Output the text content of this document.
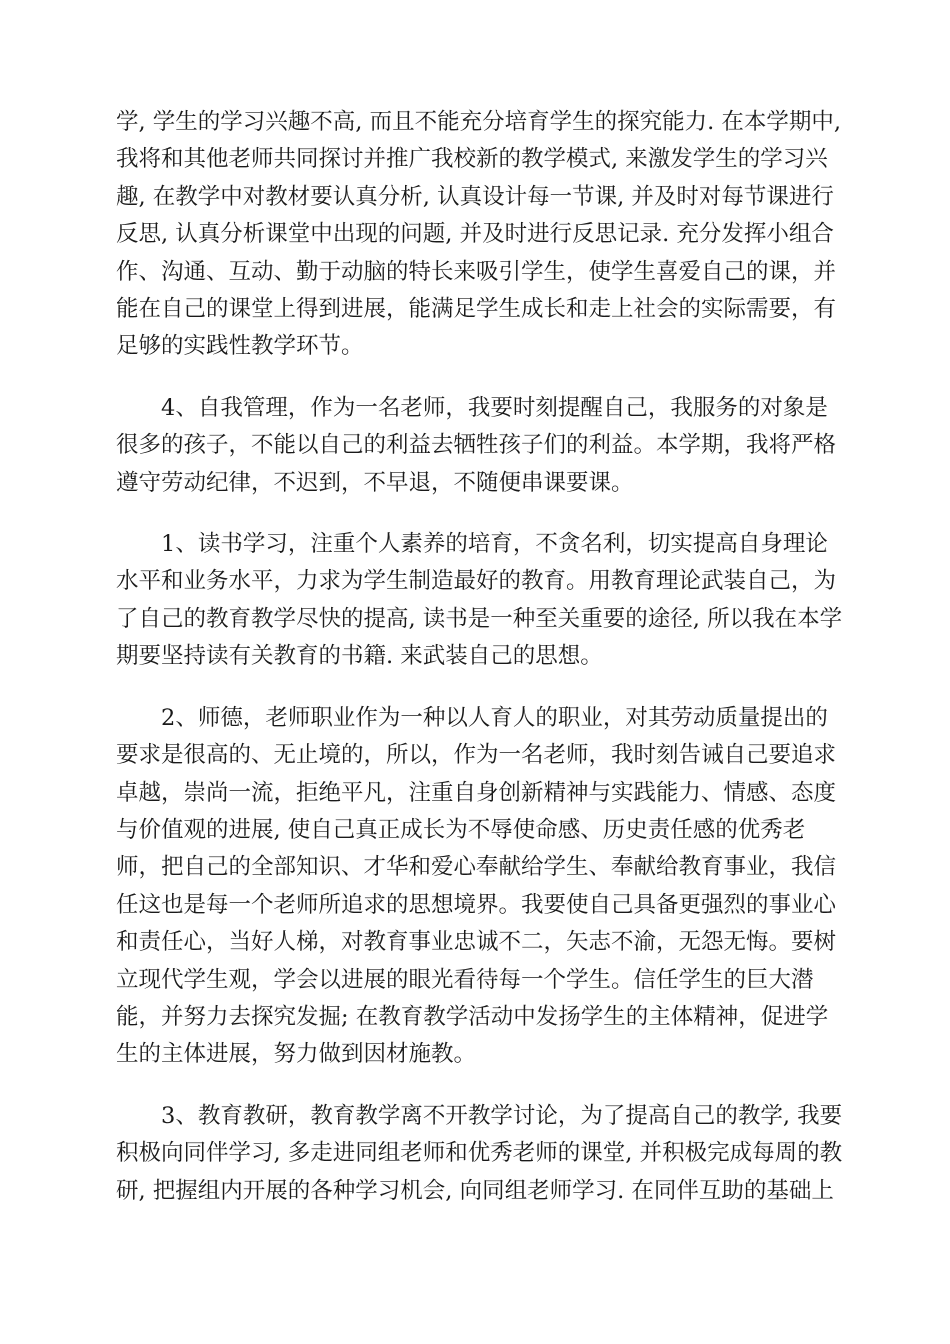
学, 学生的学习兴趣不高, 而且不能充分培育学生的探究能力. 在本学期中,
我将和其他老师共同探讨并推广我校新的教学模式, 来激发学生的学习兴
趣, 在教学中对教材要认真分析, 认真设计每一节课, 并及时对每节课进行
反思, 认真分析课堂中出现的问题, 并及时进行反思记录. 充分发挥小组合
作、沟通、互动、勤于动脑的特长来吸引学生，使学生喜爱自己的课，并
能在自己的课堂上得到进展，能满足学生成长和走上社会的实际需要，有
足够的实践性教学环节。
4、自我管理，作为一名老师，我要时刻提醒自己，我服务的对象是
很多的孩子，不能以自己的利益去牺牲孩子们的利益。本学期，我将严格
遵守劳动纪律，不迟到，不早退，不随便串课要课。
1、读书学习，注重个人素养的培育，不贪名利，切实提高自身理论
水平和业务水平，力求为学生制造最好的教育。用教育理论武装自己，为
了自己的教育教学尽快的提高, 读书是一种至关重要的途径, 所以我在本学
期要坚持读有关教育的书籍. 来武装自己的思想。
2、师德，老师职业作为一种以人育人的职业，对其劳动质量提出的
要求是很高的、无止境的，所以，作为一名老师，我时刻告诫自己要追求
卓越，崇尚一流，拒绝平凡，注重自身创新精神与实践能力、情感、态度
与价值观的进展, 使自己真正成长为不辱使命感、历史责任感的优秀老
师，把自己的全部知识、才华和爱心奉献给学生、奉献给教育事业，我信
任这也是每一个老师所追求的思想境界。我要使自己具备更强烈的事业心
和责任心，当好人梯，对教育事业忠诚不二，矢志不渝，无怨无悔。要树
立现代学生观，学会以进展的眼光看待每一个学生。信任学生的巨大潜
能，并努力去探究发掘; 在教育教学活动中发扬学生的主体精神，促进学
生的主体进展，努力做到因材施教。
3、教育教研，教育教学离不开教学讨论，为了提高自己的教学, 我要
积极向同伴学习, 多走进同组老师和优秀老师的课堂, 并积极完成每周的教
研, 把握组内开展的各种学习机会, 向同组老师学习. 在同伴互助的基础上
